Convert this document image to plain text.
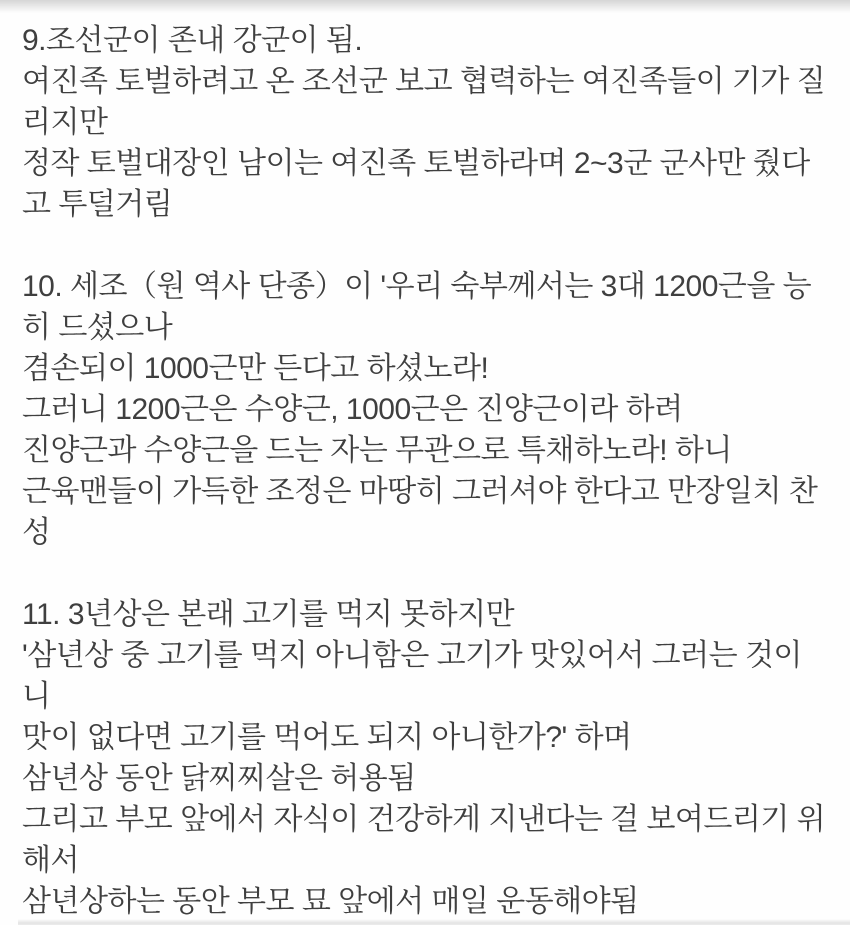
9.조선군이 존내 강군이 됨.
여진족 토벌하려고 온 조선군 보고 협력하는 여진족들이 기가 질
리지만
정작 토벌대장인 남이는 여진족 토벌하라며 2~3군 군사만 줬다
고 투덜거림
10. 세조（원 역사 단종）이 '우리 숙부께서는 3대 1200근을 능
히 드셨으나
겸손되이 1000근만 든다고 하셨노라!
그러니 1200근은 수양근, 1000근은 진양근이라 하려
진양근과 수양근을 드는 자는 무관으로 특채하노라! 하니
근육맨들이 가득한 조정은 마땅히 그러셔야 한다고 만장일치 찬
성
11. 3년상은 본래 고기를 먹지 못하지만
'삼년상 중 고기를 먹지 아니함은 고기가 맛있어서 그러는 것이
니
맛이 없다면 고기를 먹어도 되지 아니한가?' 하며
삼년상 동안 닭찌찌살은 허용됨
그리고 부모 앞에서 자식이 건강하게 지낸다는 걸 보여드리기 위
해서
삼년상하는 동안 부모 묘 앞에서 매일 운동해야됨
